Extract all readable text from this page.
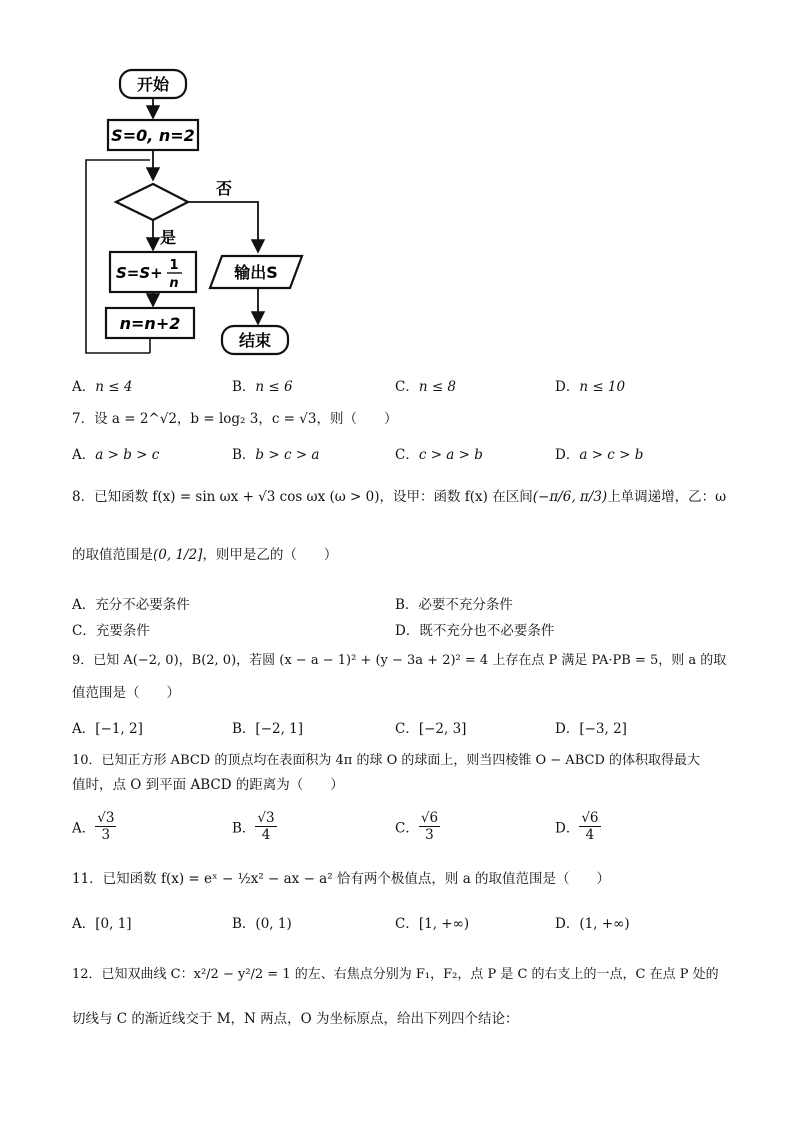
开始
S=0, n=2
否
是
S=S+ 1
n
n=n+2
输出S
结束
A．n ≤ 4	B．n ≤ 6	C．n ≤ 8	D．n ≤ 10
7．设 a = 2^√2，b = log₂ 3，c = √3，则（　　）
A．a > b > c	B．b > c > a	C．c > a > b	D．a > c > b
8．已知函数 f(x) = sin ωx + √3 cos ωx (ω > 0)，设甲：函数 f(x) 在区间(−π/6, π/3)上单调递增，乙：ω
的取值范围是(0, 1/2]，则甲是乙的（　　）
A．充分不必要条件	B．必要不充分条件
C．充要条件	D．既不充分也不必要条件
9．已知 A(−2, 0)，B(2, 0)，若圆 (x − a − 1)² + (y − 3a + 2)² = 4 上存在点 P 满足 PA·PB = 5，则 a 的取
值范围是（　　）
A．[−1, 2]	B．[−2, 1]	C．[−2, 3]	D．[−3, 2]
10．已知正方形 ABCD 的顶点均在表面积为 4π 的球 O 的球面上，则当四棱锥 O − ABCD 的体积取得最大
值时，点 O 到平面 ABCD 的距离为（　　）
A． $\frac{√3}{3}$	B． $\frac{√3}{4}$	C． $\frac{√6}{3}$	D． $\frac{√6}{4}$
11．已知函数 f(x) = eˣ − ½x² − ax − a² 恰有两个极值点，则 a 的取值范围是（　　）
A．[0, 1]	B．(0, 1)	C．[1, +∞)	D．(1, +∞)
12．已知双曲线 C：x²/2 − y²/2 = 1 的左、右焦点分别为 F₁，F₂，点 P 是 C 的右支上的一点，C 在点 P 处的
切线与 C 的渐近线交于 M，N 两点，O 为坐标原点，给出下列四个结论：
